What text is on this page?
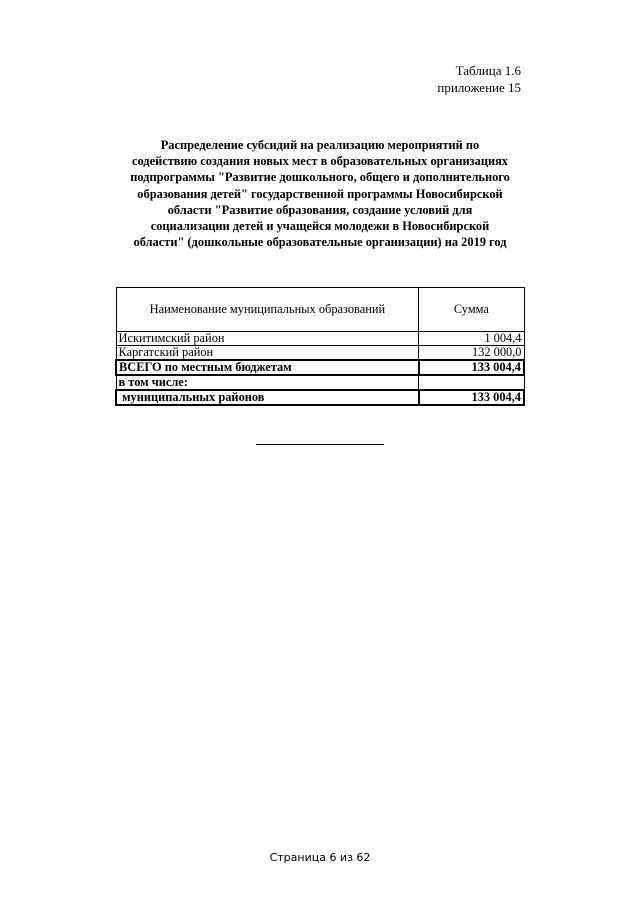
Таблица 1.6
приложение 15
Распределение субсидий на реализацию мероприятий по
содействию создания новых мест в образовательных организациях
подпрограммы "Развитие дошкольного, общего и дополнительного
образования детей" государственной программы Новосибирской
области "Развитие образования, создание условий для
социализации детей и учащейся молодежи в Новосибирской
области" (дошкольные образовательные организации) на 2019 год
Наименование муниципальных образований	Сумма
Искитимский район	1 004,4
Каргатский район	132 000,0
ВСЕГО по местным бюджетам	133 004,4
в том числе:	
муниципальных районов	133 004,4
Страница 6 из 62
